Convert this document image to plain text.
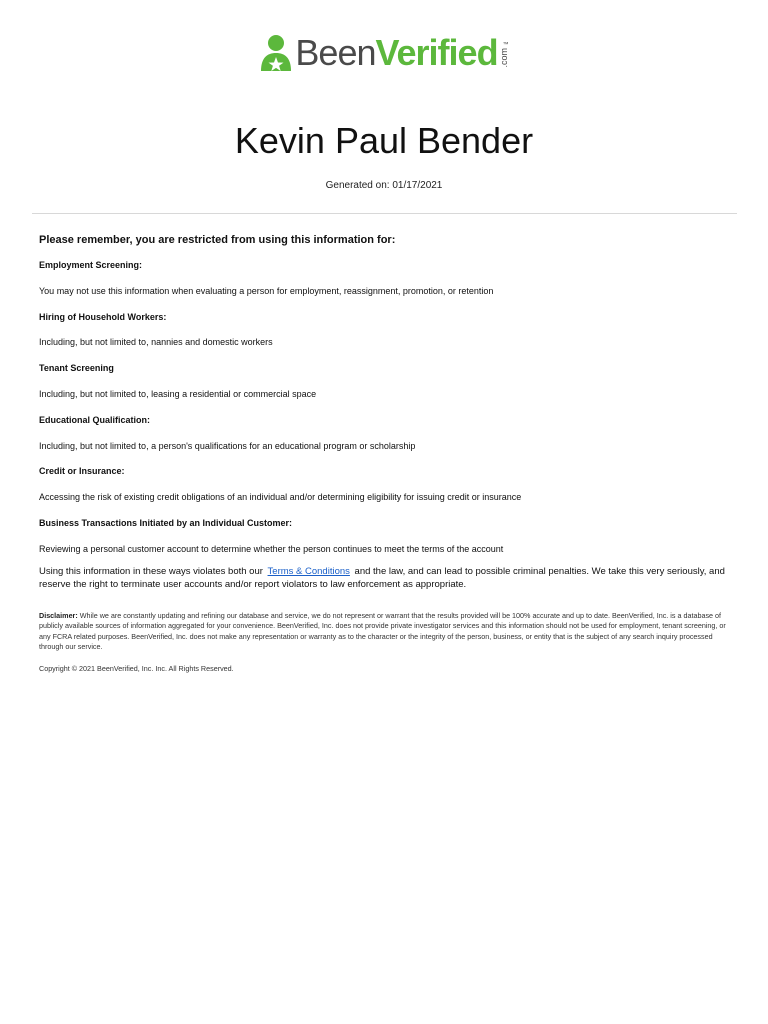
BeenVerified ™
.com
Kevin Paul Bender
Generated on: 01/17/2021

Please remember, you are restricted from using this information for:

Employment Screening:

You may not use this information when evaluating a person for employment, reassignment, promotion, or retention

Hiring of Household Workers:

Including, but not limited to, nannies and domestic workers

Tenant Screening

Including, but not limited to, leasing a residential or commercial space

Educational Qualification:

Including, but not limited to, a person's qualifications for an educational program or scholarship

Credit or Insurance:

Accessing the risk of existing credit obligations of an individual and/or determining eligibility for issuing credit or insurance

Business Transactions Initiated by an Individual Customer:

Reviewing a personal customer account to determine whether the person continues to meet the terms of the account

Using this information in these ways violates both our Terms & Conditions and the law, and can lead to possible criminal penalties. We take this very seriously, and reserve the right to terminate user accounts and/or report violators to law enforcement as appropriate.

Disclaimer: While we are constantly updating and refining our database and service, we do not represent or warrant that the results provided will be 100% accurate and up to date. BeenVerified, Inc. is a database of publicly available sources of information aggregated for your convenience. BeenVerified, Inc. does not provide private investigator services and this information should not be used for employment, tenant screening, or any FCRA related purposes. BeenVerified, Inc. does not make any representation or warranty as to the character or the integrity of the person, business, or entity that is the subject of any search inquiry processed through our service.
Copyright © 2021 BeenVerified, Inc. Inc. All Rights Reserved.
